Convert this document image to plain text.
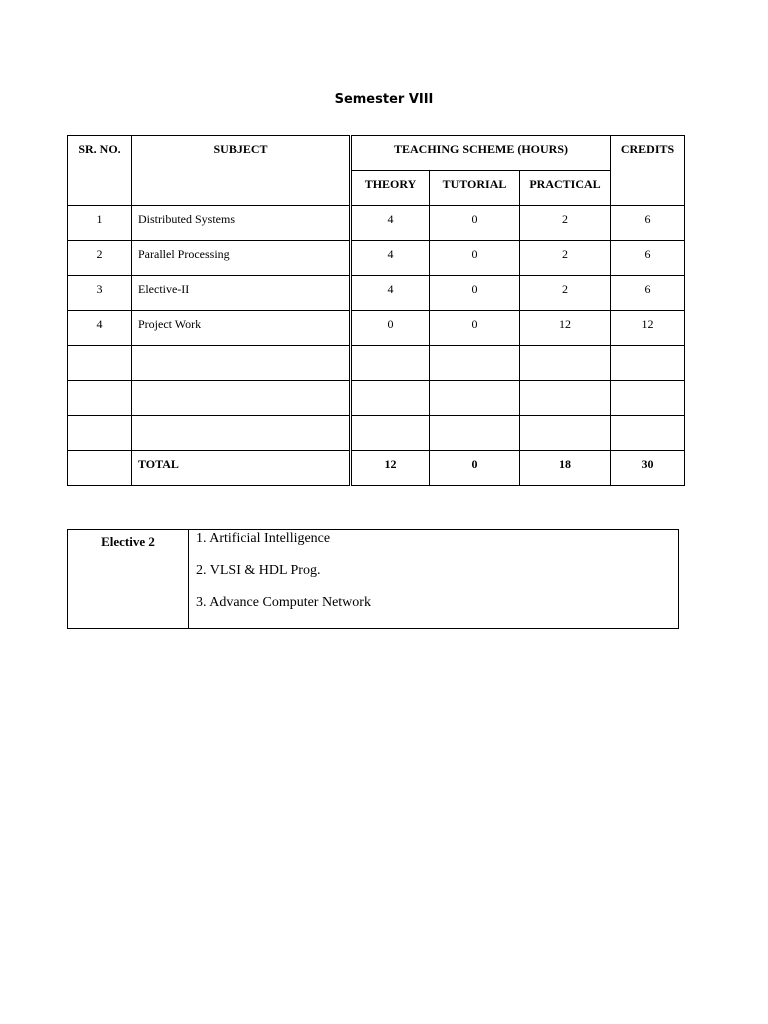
Semester VIII
SR. NO.	SUBJECT	TEACHING SCHEME (HOURS)			CREDITS

		THEORY	TUTORIAL	PRACTICAL	

1	Distributed Systems	4	0	2	6

2	Parallel Processing	4	0	2	6

3	Elective-II	4	0	2	6

4	Project Work	0	0	12	12

	TOTAL	12	0	18	30
Elective 2	1. Artificial Intelligence
2. VLSI & HDL Prog.
3. Advance Computer Network
